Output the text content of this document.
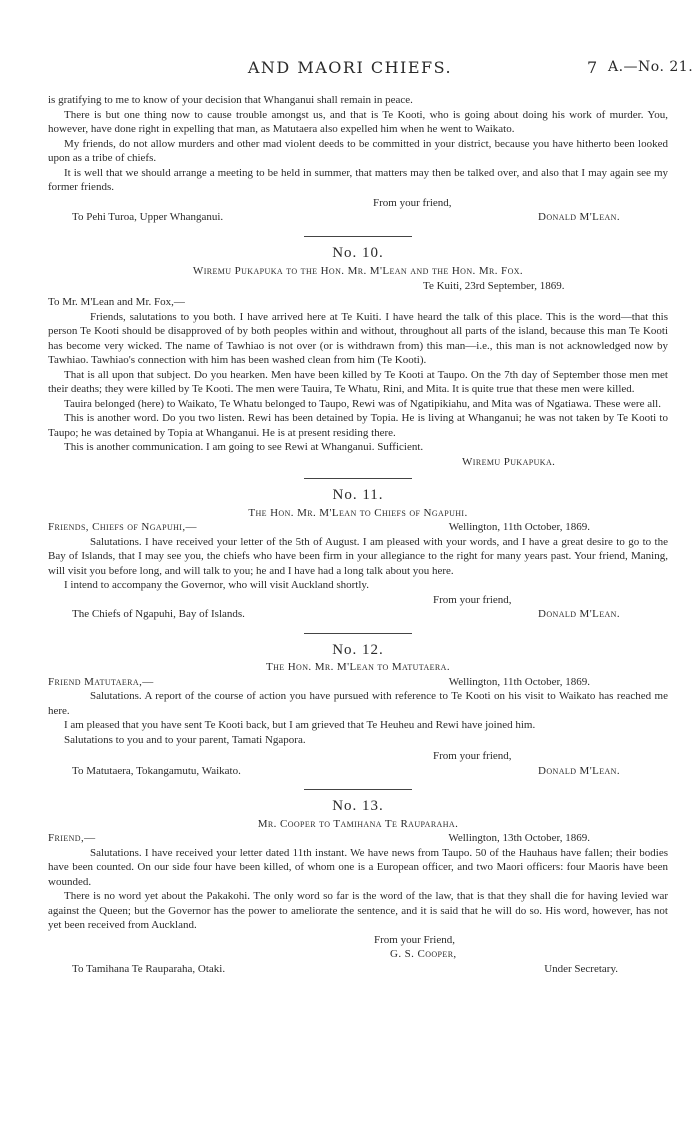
AND MAORI CHIEFS.	7 A.—No. 21.

is gratifying to me to know of your decision that Whanganui shall remain in peace.

There is but one thing now to cause trouble amongst us, and that is Te Kooti, who is going about doing his work of murder. You, however, have done right in expelling that man, as Matutaera also expelled him when he went to Waikato.

My friends, do not allow murders and other mad violent deeds to be committed in your district, because you have hitherto been looked upon as a tribe of chiefs.

It is well that we should arrange a meeting to be held in summer, that matters may then be talked over, and also that I may again see my former friends.

From your friend,
To Pehi Turoa, Upper Whanganui.	Donald M'Lean.
No. 10.
Wiremu Pukapuka to the Hon. Mr. M'Lean and the Hon. Mr. Fox.
Te Kuiti, 23rd September, 1869.
To Mr. M'Lean and Mr. Fox,—

Friends, salutations to you both. I have arrived here at Te Kuiti. I have heard the talk of this place. This is the word—that this person Te Kooti should be disapproved of by both peoples within and without, throughout all parts of the island, because this man Te Kooti has become very wicked. The name of Tawhiao is not over (or is withdrawn from) this man—i.e., this man is not acknowledged now by Tawhiao. Tawhiao's connection with him has been washed clean from him (Te Kooti).

That is all upon that subject. Do you hearken. Men have been killed by Te Kooti at Taupo. On the 7th day of September those men met their deaths; they were killed by Te Kooti. The men were Tauira, Te Whatu, Rini, and Mita. It is quite true that these men were killed.

Tauira belonged (here) to Waikato, Te Whatu belonged to Taupo, Rewi was of Ngatipikiahu, and Mita was of Ngatiawa. These were all.

This is another word. Do you two listen. Rewi has been detained by Topia. He is living at Whanganui; he was not taken by Te Kooti to Taupo; he was detained by Topia at Whanganui. He is at present residing there.

This is another communication. I am going to see Rewi at Whanganui. Sufficient.

Wiremu Pukapuka.
No. 11.
The Hon. Mr. M'Lean to Chiefs of Ngapuhi.
Friends, Chiefs of Ngapuhi,—	Wellington, 11th October, 1869.

Salutations. I have received your letter of the 5th of August. I am pleased with your words, and I have a great desire to go to the Bay of Islands, that I may see you, the chiefs who have been firm in your allegiance to the right for many years past. Your friend, Maning, will visit you before long, and will talk to you; he and I have had a long talk about you here.

I intend to accompany the Governor, who will visit Auckland shortly.

From your friend,
The Chiefs of Ngapuhi, Bay of Islands.	Donald M'Lean.
No. 12.
The Hon. Mr. M'Lean to Matutaera.
Friend Matutaera,—	Wellington, 11th October, 1869.

Salutations. A report of the course of action you have pursued with reference to Te Kooti on his visit to Waikato has reached me here.

I am pleased that you have sent Te Kooti back, but I am grieved that Te Heuheu and Rewi have joined him.

Salutations to you and to your parent, Tamati Ngapora.

From your friend,
To Matutaera, Tokangamutu, Waikato.	Donald M'Lean.
No. 13.
Mr. Cooper to Tamihana Te Rauparaha.
Friend,—	Wellington, 13th October, 1869.

Salutations. I have received your letter dated 11th instant. We have news from Taupo. 50 of the Hauhaus have fallen; their bodies have been counted. On our side four have been killed, of whom one is a European officer, and two Maori officers: four Maoris have been wounded.

There is no word yet about the Pakakohi. The only word so far is the word of the law, that is that they shall die for having levied war against the Queen; but the Governor has the power to ameliorate the sentence, and it is said that he will do so. His word, however, has not yet been received from Auckland.

From your Friend,
G. S. Cooper,
To Tamihana Te Rauparaha, Otaki.	Under Secretary.
